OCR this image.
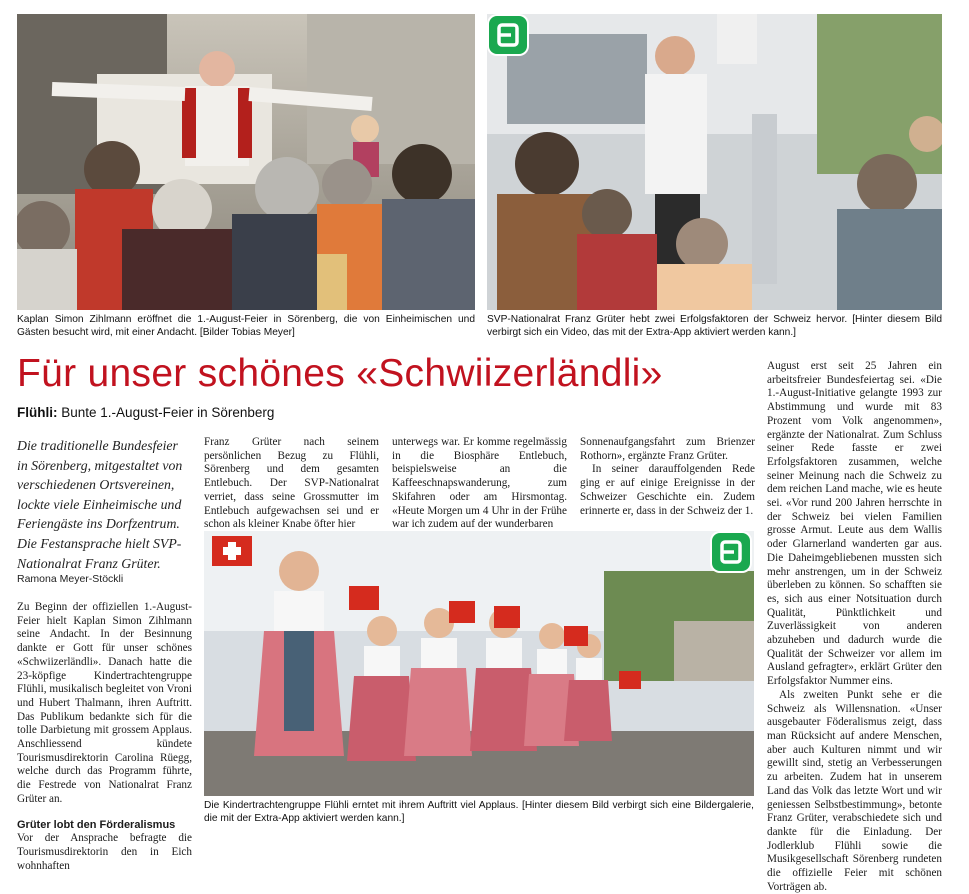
Kaplan Simon Zihlmann eröffnet die 1.-August-Feier in Sörenberg, die von Einheimischen und Gästen besucht wird, mit einer Andacht. [Bilder Tobias Meyer]
SVP-Nationalrat Franz Grüter hebt zwei Erfolgsfaktoren der Schweiz hervor. [Hinter diesem Bild verbirgt sich ein Video, das mit der Extra-App aktiviert werden kann.]
Für unser schönes «Schwiizerländli»
Flühli: Bunte 1.-August-Feier in Sörenberg
Die traditionelle Bundesfeier in Sörenberg, mitgestaltet von verschiedenen Ortsvereinen, lockte viele Einheimische und Feriengäste ins Dorfzentrum. Die Festansprache hielt SVP-Nationalrat Franz Grüter.
Ramona Meyer-Stöckli

Zu Beginn der offiziellen 1.-August-Feier hielt Kaplan Simon Zihlmann seine Andacht. In der Besinnung dankte er Gott für unser schönes «Schwiizerländli». Danach hatte die 23-köpfige Kindertrachtengruppe Flühli, musikalisch begleitet von Vroni und Hubert Thalmann, ihren Auftritt. Das Publikum bedankte sich für die tolle Darbietung mit grossem Applaus. Anschliessend kündete Tourismusdirektorin Carolina Rüegg, welche durch das Programm führte, die Festrede von Nationalrat Franz Grüter an.

Grüter lobt den Förderalismus

Vor der Ansprache befragte die Tourismusdirektorin den in Eich wohnhaften

Franz Grüter nach seinem persönlichen Bezug zu Flühli, Sörenberg und dem gesamten Entlebuch. Der SVP-Nationalrat verriet, dass seine Grossmutter im Entlebuch aufgewachsen sei und er schon als kleiner Knabe öfter hier

unterwegs war. Er komme regelmässig in die Biosphäre Entlebuch, beispielsweise an die Kaffeeschnapswanderung, zum Skifahren oder am Hirsmontag. «Heute Morgen um 4 Uhr in der Frühe war ich zudem auf der wunderbaren

Sonnenaufgangsfahrt zum Brienzer Rothorn», ergänzte Franz Grüter.

In seiner darauffolgenden Rede ging er auf einige Ereignisse in der Schweizer Geschichte ein. Zudem erinnerte er, dass in der Schweiz der 1.

August erst seit 25 Jahren ein arbeitsfreier Bundesfeiertag sei. «Die 1.-August-Initiative gelangte 1993 zur Abstimmung und wurde mit 83 Prozent vom Volk angenommen», ergänzte der Nationalrat. Zum Schluss seiner Rede fasste er zwei Erfolgsfaktoren zusammen, welche seiner Meinung nach die Schweiz zu dem reichen Land mache, wie es heute sei. «Vor rund 200 Jahren herrschte in der Schweiz bei vielen Familien grosse Armut. Leute aus dem Wallis oder Glarnerland wanderten gar aus. Die Daheimgebliebenen mussten sich mehr anstrengen, um in der Schweiz überleben zu können. So schafften sie es, sich aus einer Notsituation durch Qualität, Pünktlichkeit und Zuverlässigkeit von anderen abzuheben und dadurch wurde die Qualität der Schweizer vor allem im Ausland gefragter», erklärt Grüter den Erfolgsfaktor Nummer eins.

Als zweiten Punkt sehe er die Schweiz als Willensnation. «Unser ausgebauter Föderalismus zeigt, dass man Rücksicht auf andere Menschen, aber auch Kulturen nimmt und wir gewillt sind, stetig an Verbesserungen zu arbeiten. Zudem hat in unserem Land das Volk das letzte Wort und wir geniessen Selbstbestimmung», betonte Franz Grüter, verabschiedete sich und dankte für die Einladung. Der Jodlerklub Flühli sowie die Musikgesellschaft Sörenberg rundeten die offizielle Feier mit schönen Vorträgen ab.

Die Kindertrachtengruppe Flühli erntet mit ihrem Auftritt viel Applaus. [Hinter diesem Bild verbirgt sich eine Bildergalerie, die mit der Extra-App aktiviert werden kann.]
